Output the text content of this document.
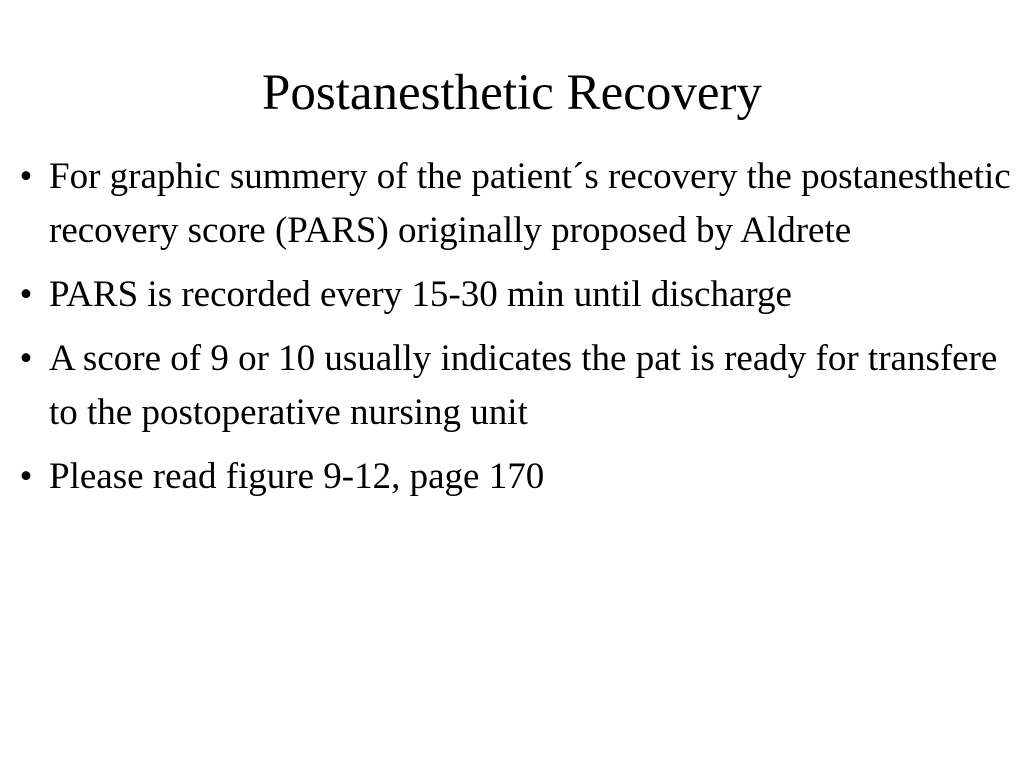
Postanesthetic Recovery
• For graphic summery of the patient´s recovery the postanesthetic recovery score (PARS) originally proposed by Aldrete
• PARS is recorded every 15-30 min until discharge
• A score of 9 or 10 usually indicates the pat is ready for transfere to the postoperative nursing unit
• Please read figure 9-12, page 170
